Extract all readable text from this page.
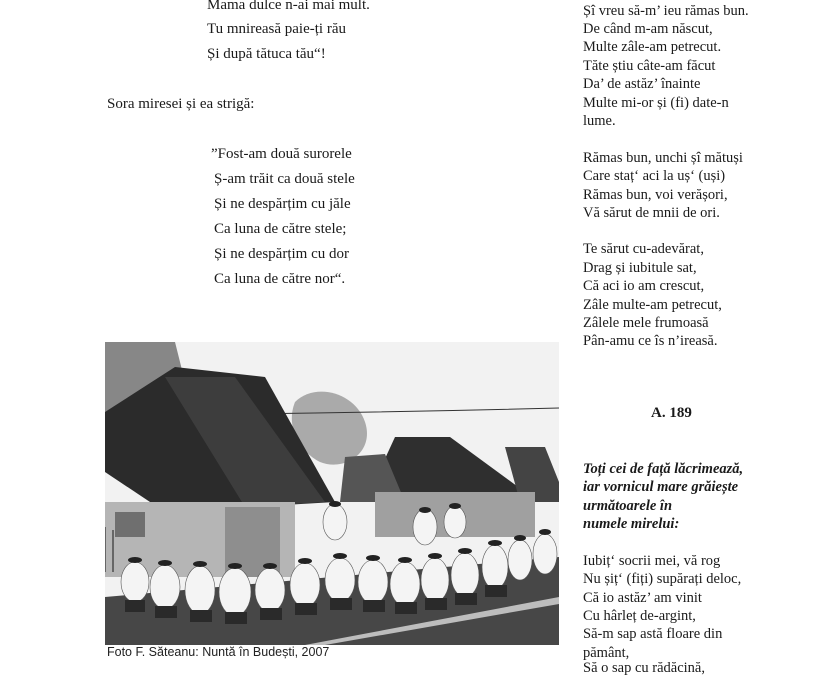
Mama dulce n-ai mai mult.
Tu mnireasă paie-ți rău
Și după tătuca tău“!
Sora miresei și ea strigă:
”Fost-am două surorele
Ș-am trăit ca două stele
Și ne despărțim cu jăle
Ca luna de către stele;
Și ne despărțim cu dor
Ca luna de către nor“.
Foto F. Săteanu: Nuntă în Budești, 2007
Șî vreu să-m’ ieu rămas bun.
De când m-am născut,
Multe zâle-am petrecut.
Tăte știu câte-am făcut
Da’ de astăz’ înainte
Multe mi-or și (fi) date-n
lume.
Rămas bun, unchi șî mătuși
Care staț‘ aci la uș‘ (uși)
Rămas bun, voi verășori,
Vă sărut de mnii de ori.
Te sărut cu-adevărat,
Drag și iubitule sat,
Că aci io am crescut,
Zâle multe-am petrecut,
Zâlele mele frumoasă
Pân-amu ce îs n’ireasă.
A. 189
Toți cei de față lăcrimează,
iar vornicul mare grăiește
următoarele în
numele mirelui:
Iubiț‘ socrii mei, vă rog
Nu șiț‘ (fiți) supărați deloc,
Că io astăz’ am vinit
Cu hârleț de-argint,
Să-m sap astă floare din
pământ,
Să o sap cu rădăcină,
